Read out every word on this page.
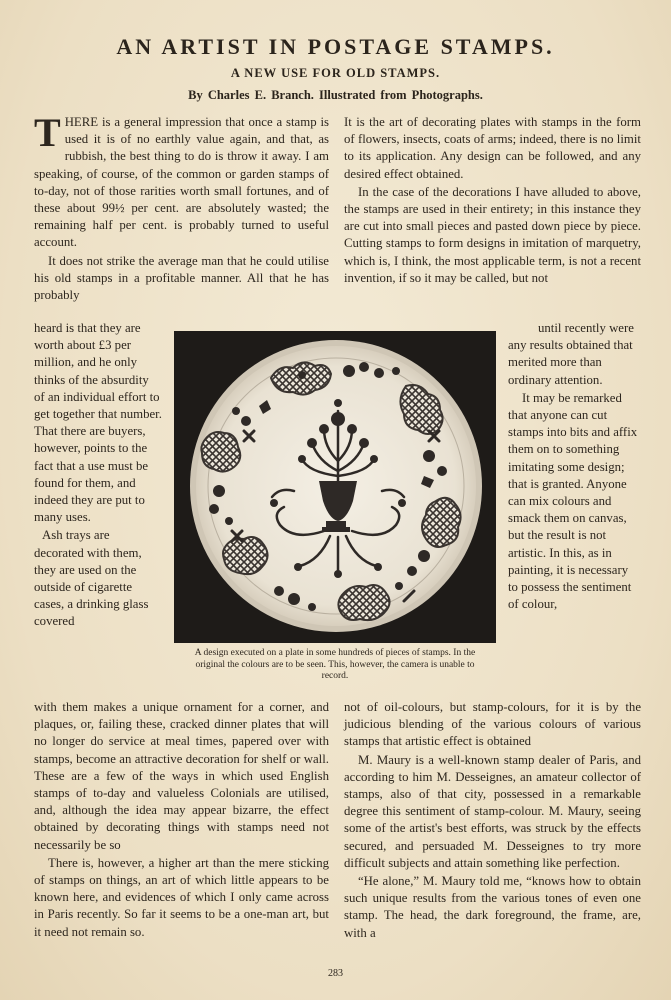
AN ARTIST IN POSTAGE STAMPS.
A NEW USE FOR OLD STAMPS.
By Charles E. Branch. Illustrated from Photographs.

THERE is a general impression that once a stamp is used it is of no earthly value again, and that, as rubbish, the best thing to do is throw it away. I am speaking, of course, of the common or garden stamps of to-day, not of those rarities worth small fortunes, and of these about 99½ per cent. are absolutely wasted; the remaining half per cent. is probably turned to useful account.

It does not strike the average man that he could utilise his old stamps in a profitable manner. All that he has probably

heard is that they are worth about £3 per million, and he only thinks of the absurdity of an individual effort to get together that number. That there are buyers, however, points to the fact that a use must be found for them, and indeed they are put to many uses.

Ash trays are decorated with them, they are used on the outside of cigarette cases, a drinking glass covered

with them makes a unique ornament for a corner, and plaques, or, failing these, cracked dinner plates that will no longer do service at meal times, papered over with stamps, become an attractive decoration for shelf or wall. These are a few of the ways in which used English stamps of to-day and valueless Colonials are utilised, and, although the idea may appear bizarre, the effect obtained by decorating things with stamps need not necessarily be so

There is, however, a higher art than the mere sticking of stamps on things, an art of which little appears to be known here, and evidences of which I only came across in Paris recently. So far it seems to be a one-man art, but it need not remain so.

It is the art of decorating plates with stamps in the form of flowers, insects, coats of arms; indeed, there is no limit to its application. Any design can be followed, and any desired effect obtained.

In the case of the decorations I have alluded to above, the stamps are used in their entirety; in this instance they are cut into small pieces and pasted down piece by piece. Cutting stamps to form designs in imitation of marquetry, which is, I think, the most applicable term, is not a recent invention, if so it may be called, but not

until recently were any results obtained that merited more than ordinary attention.

It may be remarked that anyone can cut stamps into bits and affix them on to something imitating some design; that is granted. Anyone can mix colours and smack them on canvas, but the result is not artistic. In this, as in painting, it is necessary to possess the sentiment of colour,

not of oil-colours, but stamp-colours, for it is by the judicious blending of the various colours of various stamps that artistic effect is obtained

M. Maury is a well-known stamp dealer of Paris, and according to him M. Desseignes, an amateur collector of stamps, also of that city, possessed in a remarkable degree this sentiment of stamp-colour. M. Maury, seeing some of the artist's best efforts, was struck by the effects secured, and persuaded M. Desseignes to try more difficult subjects and attain something like perfection.

“He alone,” M. Maury told me, “knows how to obtain such unique results from the various tones of even one stamp. The head, the dark foreground, the frame, are, with a

A design executed on a plate in some hundreds of pieces of stamps. In the original the colours are to be seen. This, however, the camera is unable to record.
283
